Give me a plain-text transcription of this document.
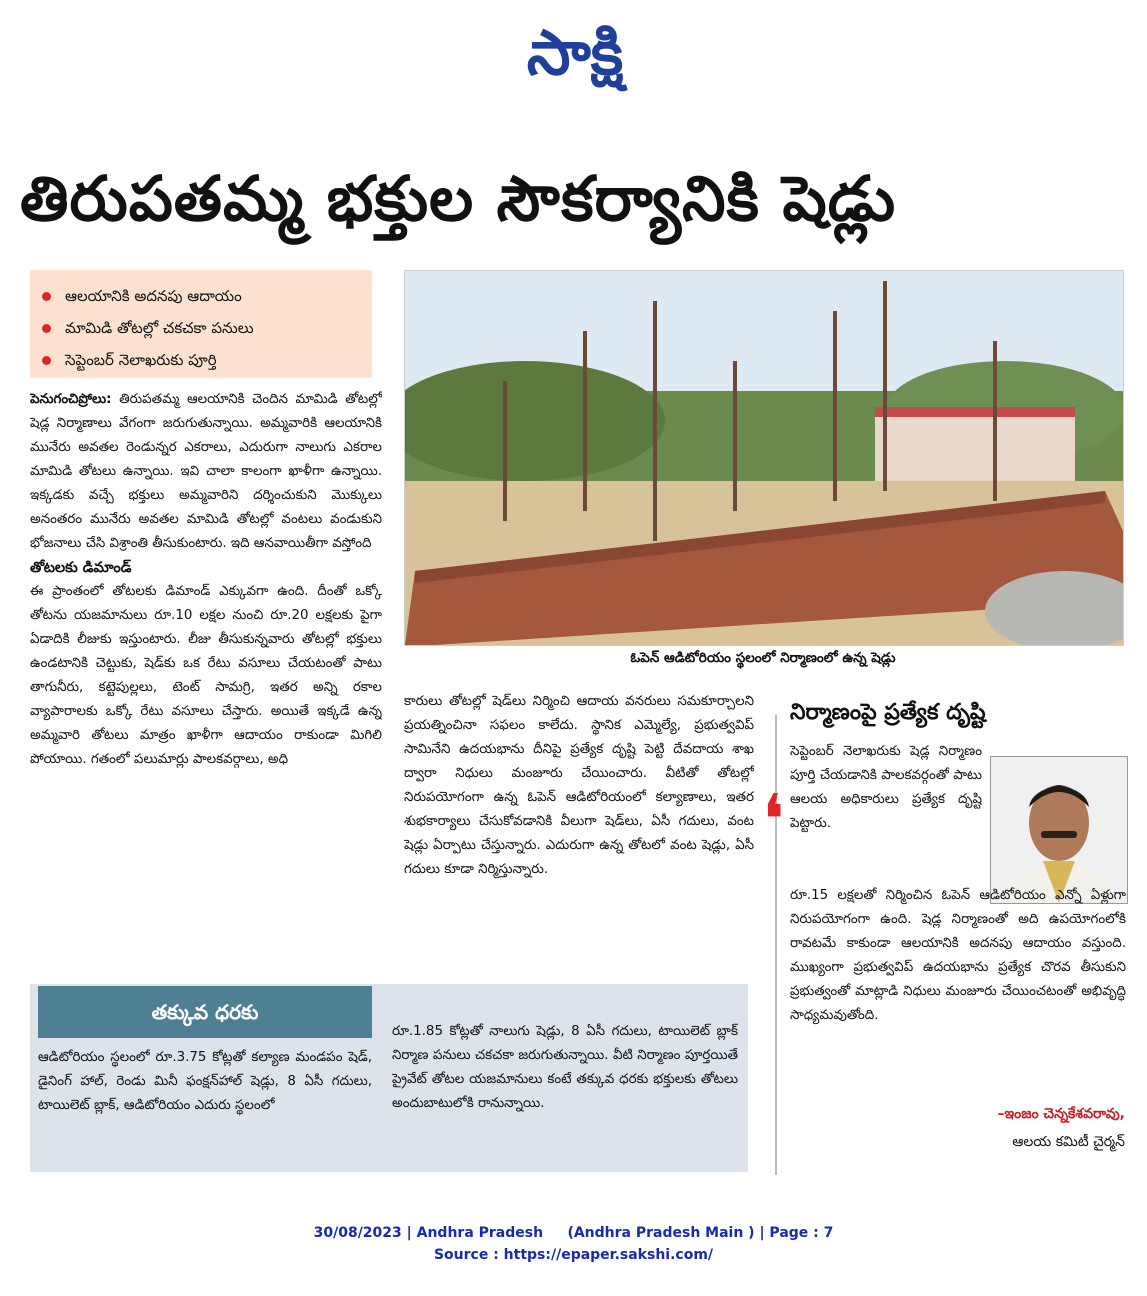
సాక్షి
తిరుపతమ్మ భక్తుల సౌకర్యానికి షెడ్లు
ఆలయానికి అదనపు ఆదాయం
మామిడి తోటల్లో చకచకా పనులు
సెప్టెంబర్ నెలాఖరుకు పూర్తి

పెనుగంచిప్రోలు: తిరుపతమ్మ ఆలయానికి చెందిన మామిడి తోటల్లో షెడ్ల నిర్మాణాలు వేగంగా జరుగుతున్నాయి. అమ్మవారికి ఆలయానికి మునేరు అవతల రెండున్నర ఎకరాలు, ఎదురుగా నాలుగు ఎకరాల మామిడి తోటలు ఉన్నాయి. ఇవి చాలా కాలంగా ఖాళీగా ఉన్నాయి. ఇక్కడకు వచ్చే భక్తులు అమ్మవారిని దర్శించుకుని మొక్కులు అనంతరం మునేరు అవతల మామిడి తోటల్లో వంటలు వండుకుని భోజనాలు చేసి విశ్రాంతి తీసుకుంటారు. ఇది ఆనవాయితీగా వస్తోంది

తోటలకు డిమాండ్

ఈ ప్రాంతంలో తోటలకు డిమాండ్ ఎక్కువగా ఉంది. దీంతో ఒక్కో తోటను యజమానులు రూ.10 లక్షల నుంచి రూ.20 లక్షలకు పైగా ఏడాదికి లీజుకు ఇస్తుంటారు. లీజు తీసుకున్నవారు తోటల్లో భక్తులు ఉండటానికి చెట్టుకు, షెడ్‌కు ఒక రేటు వసూలు చేయటంతో పాటు తాగునీరు, కట్టెపుల్లలు, టెంట్ సామగ్రి, ఇతర అన్ని రకాల వ్యాపారాలకు ఒక్కో రేటు వసూలు చేస్తారు. అయితే ఇక్కడే ఉన్న అమ్మవారి తోటలు మాత్రం ఖాళీగా ఆదాయం రాకుండా మిగిలి పోయాయి. గతంలో పలుమార్లు పాలకవర్గాలు, అధి

ఓపెన్ ఆడిటోరియం స్థలంలో నిర్మాణంలో ఉన్న షెడ్లు

కారులు తోటల్లో షెడ్‌లు నిర్మించి ఆదాయ వనరులు సమకూర్చాలని ప్రయత్నించినా సఫలం కాలేదు. స్థానిక ఎమ్మెల్యే, ప్రభుత్వవిప్ సామినేని ఉదయభాను దీనిపై ప్రత్యేక దృష్టి పెట్టి దేవదాయ శాఖ ద్వారా నిధులు మంజూరు చేయించారు. వీటితో తోటల్లో నిరుపయోగంగా ఉన్న ఓపెన్ ఆడిటోరియంలో కల్యాణాలు, ఇతర శుభకార్యాలు చేసుకోవడానికి వీలుగా షెడ్‌లు, ఏసీ గదులు, వంట షెడ్లు ఏర్పాటు చేస్తున్నారు. ఎదురుగా ఉన్న తోటలో వంట షెడ్లు, ఏసీ గదులు కూడా నిర్మిస్తున్నారు.

తక్కువ ధరకు
ఆడిటోరియం స్థలంలో రూ.3.75 కోట్లతో కల్యాణ మండపం షెడ్, డైనింగ్ హాల్, రెండు మినీ ఫంక్షన్‌హాల్ షెడ్లు, 8 ఏసీ గదులు, టాయిలెట్ బ్లాక్, ఆడిటోరియం ఎదురు స్థలంలో
రూ.1.85 కోట్లతో నాలుగు షెడ్లు, 8 ఏసీ గదులు, టాయిలెట్ బ్లాక్ నిర్మాణ పనులు చకచకా జరుగుతున్నాయి. వీటి నిర్మాణం పూర్తయితే ప్రైవేట్ తోటల యజమానులు కంటే తక్కువ ధరకు భక్తులకు తోటలు అందుబాటులోకి రానున్నాయి.
నిర్మాణంపై ప్రత్యేక దృష్టి
❛
సెప్టెంబర్ నెలాఖరుకు షెడ్ల నిర్మాణం పూర్తి చేయడానికి పాలకవర్గంతో పాటు ఆలయ అధికారులు ప్రత్యేక దృష్టి పెట్టారు.
రూ.15 లక్షలతో నిర్మించిన ఓపెన్ ఆడిటోరియం ఎన్నో ఏళ్లుగా నిరుపయోగంగా ఉంది. షెడ్ల నిర్మాణంతో అది ఉపయోగంలోకి రావటమే కాకుండా ఆలయానికి అదనపు ఆదాయం వస్తుంది. ముఖ్యంగా ప్రభుత్వవిప్ ఉదయభాను ప్రత్యేక చొరవ తీసుకుని ప్రభుత్వంతో మాట్లాడి నిధులు మంజూరు చేయించటంతో అభివృద్ధి సాధ్యమవుతోంది.
–ఇంజం చెన్నకేశవరావు,
ఆలయ కమిటీ చైర్మన్
30/08/2023 | Andhra Pradesh     (Andhra Pradesh Main ) | Page : 7
Source : https://epaper.sakshi.com/
